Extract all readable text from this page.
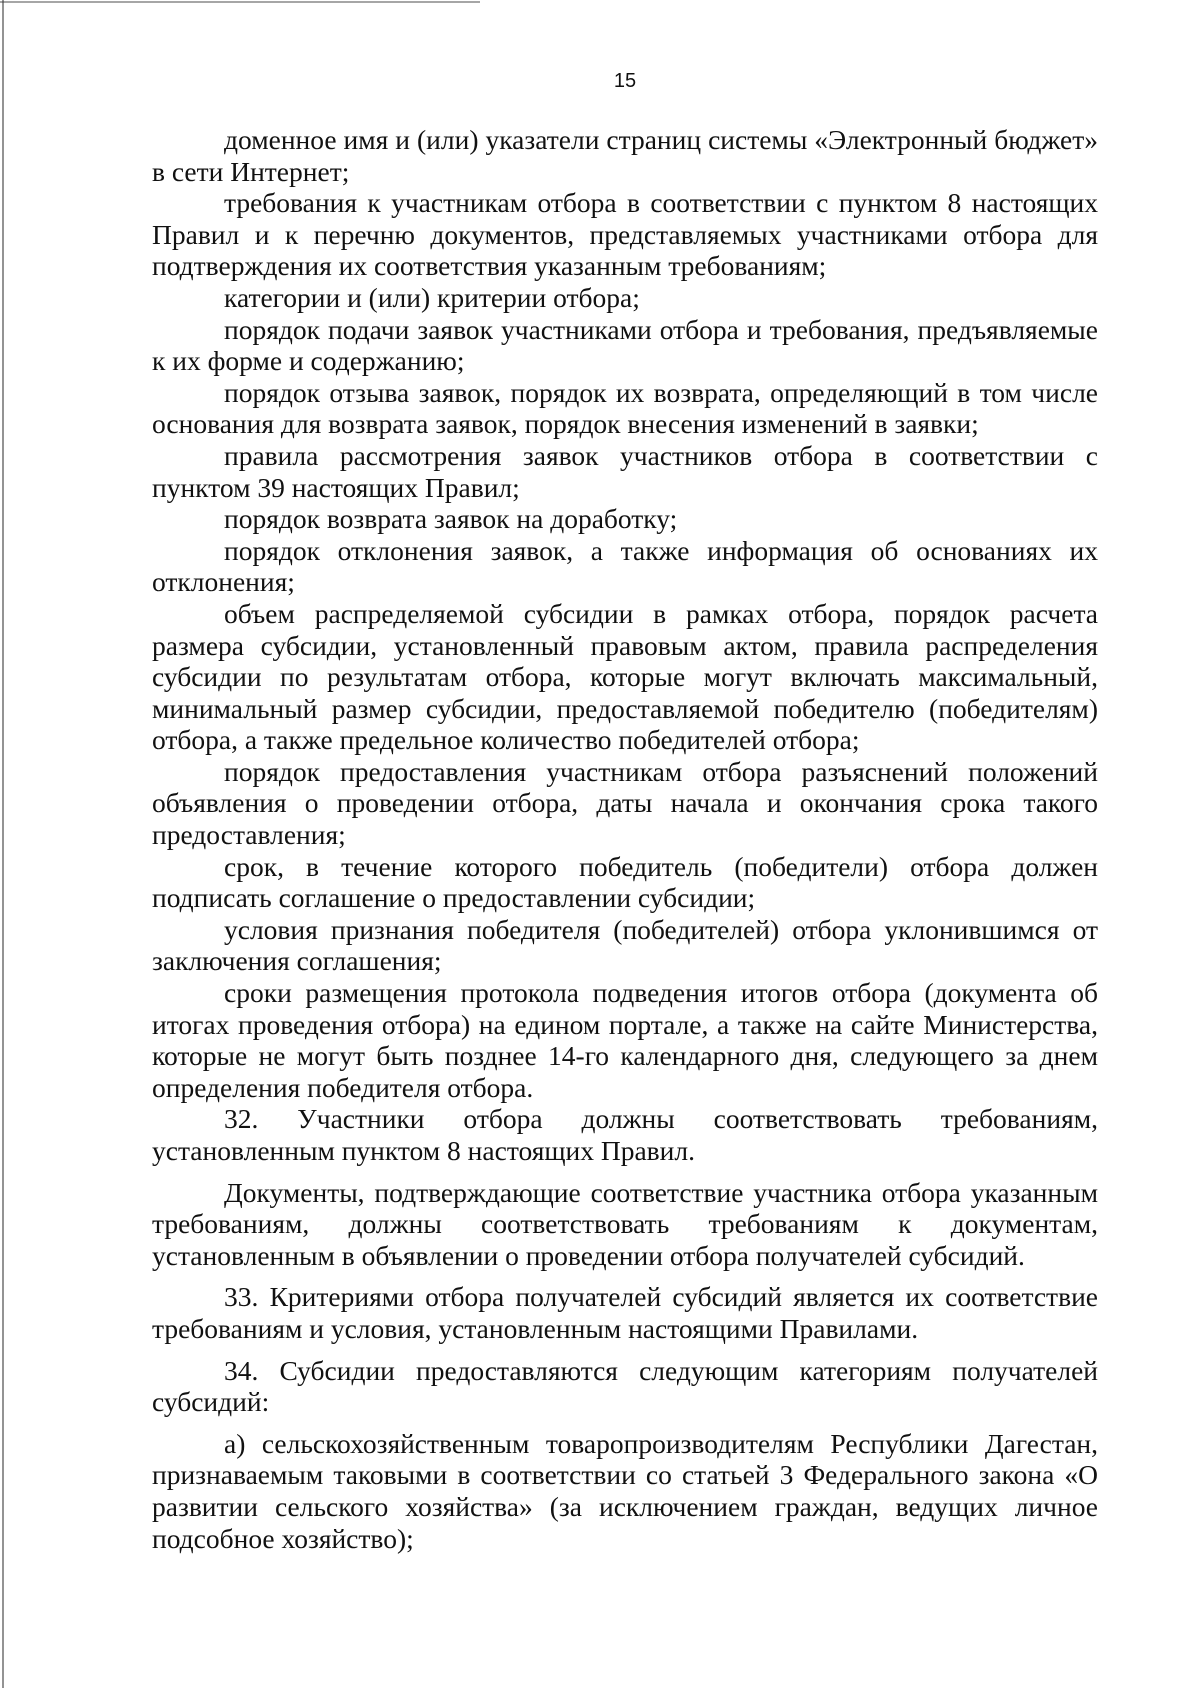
15

доменное имя и (или) указатели страниц системы «Электронный бюджет» в сети Интернет;

требования к участникам отбора в соответствии с пунктом 8 настоящих Правил и к перечню документов, представляемых участниками отбора для подтверждения их соответствия указанным требованиям;

категории и (или) критерии отбора;

порядок подачи заявок участниками отбора и требования, предъявляемые к их форме и содержанию;

порядок отзыва заявок, порядок их возврата, определяющий в том числе основания для возврата заявок, порядок внесения изменений в заявки;

правила рассмотрения заявок участников отбора в соответствии с пунктом 39 настоящих Правил;

порядок возврата заявок на доработку;

порядок отклонения заявок, а также информация об основаниях их отклонения;

объем распределяемой субсидии в рамках отбора, порядок расчета размера субсидии, установленный правовым актом, правила распределения субсидии по результатам отбора, которые могут включать максимальный, минимальный размер субсидии, предоставляемой победителю (победителям) отбора, а также предельное количество победителей отбора;

порядок предоставления участникам отбора разъяснений положений объявления о проведении отбора, даты начала и окончания срока такого предоставления;

срок, в течение которого победитель (победители) отбора должен подписать соглашение о предоставлении субсидии;

условия признания победителя (победителей) отбора уклонившимся от заключения соглашения;

сроки размещения протокола подведения итогов отбора (документа об итогах проведения отбора) на едином портале, а также на сайте Министерства, которые не могут быть позднее 14-го календарного дня, следующего за днем определения победителя отбора.

32. Участники отбора должны соответствовать требованиям, установленным пунктом 8 настоящих Правил.

Документы, подтверждающие соответствие участника отбора указанным требованиям, должны соответствовать требованиям к документам, установленным в объявлении о проведении отбора получателей субсидий.

33. Критериями отбора получателей субсидий является их соответствие требованиям и условия, установленным настоящими Правилами.

34. Субсидии предоставляются следующим категориям получателей субсидий:

а) сельскохозяйственным товаропроизводителям Республики Дагестан, признаваемым таковыми в соответствии со статьей 3 Федерального закона «О развитии сельского хозяйства» (за исключением граждан, ведущих личное подсобное хозяйство);
